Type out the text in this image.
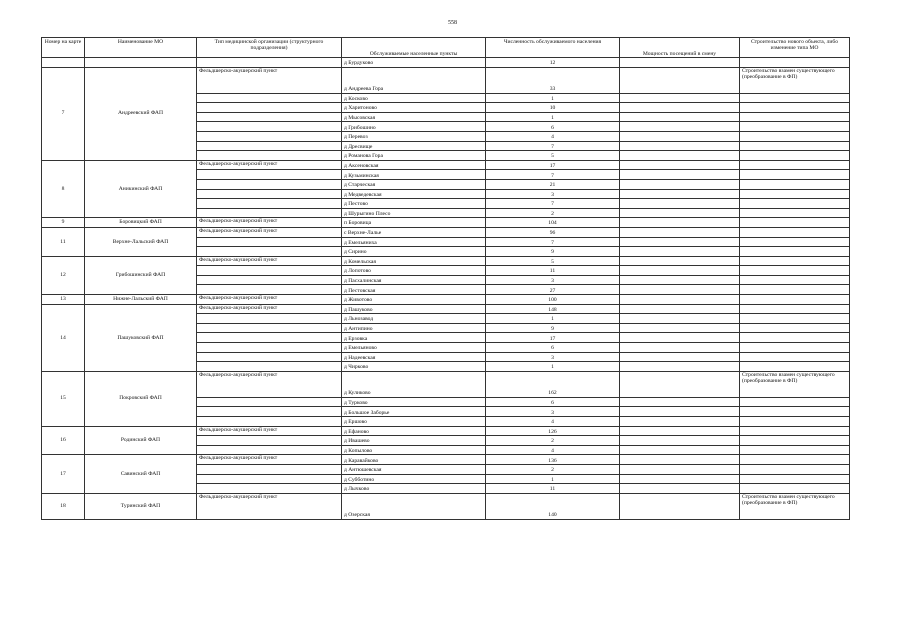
558
Номер на карте	Наименование МО	Тип медицинской организации (структурного подразделения)	Обслуживаемые населенные пункты	Численность обслуживаемого населения	Мощность посещений в смену	Строительство нового объекта, либо изменение типа МО
			д Бурдуково	12		
7	Андреевский ФАП	Фельдшерско-акушерский пункт	д Андреева Гора	33		Строительство взамен существующего (преобразование в ФП)
			д Косково	1		
			д Харитоново	10		
			д Мысовская	1		
			д Грибошино	6		
			д Перевоз	4		
			д Дресвище	7		
			д Романова Гора	5		
8	Аникинский ФАП	Фельдшерско-акушерский пункт	д Аксеновская	17		
			д Кузьминская	7		
			д Старческая	21		
			д Медведевская	3		
			д Пестово	7		
			д Шурыгино Плесо	2		
9	Боровицкий ФАП	Фельдшерско-акушерский пункт	п Боровица	104		
11	Верхне-Лальский ФАП	Фельдшерско-акушерский пункт	с Верхне-Лалье	96		
			д Емельяниха	7		
			д Сирино	9		
12	Грибошинский ФАП	Фельдшерско-акушерский пункт	д Комельская	5		
			д Лопотово	11		
			д Пасхалинская	3		
			д Пестовская	27		
13	Нижне-Лальский ФАП	Фельдшерско-акушерский пункт	д Животово	100		
14	Пашуковский ФАП	Фельдшерско-акушерский пункт	д Пашуково	148		
			д Льнозавод	1		
			д Антипино	9		
			д Ерзовка	17		
			д Емельяново	6		
			д Надеевская	3		
			д Чирково	1		
15	Покровский ФАП	Фельдшерско-акушерский пункт	д Куликово	162		Строительство взамен существующего (преобразование в ФП)
			д Турково	6		
			д Большое Заборье	3		
			д Ершово	4		
16	Родинский ФАП	Фельдшерско-акушерский пункт	д Ефаново	126		
			д Ивашево	2		
			д Копылово	4		
17	Савинский ФАП	Фельдшерско-акушерский пункт	д Каравайково	136		
			д Антюшевская	2		
			д Субботино	1		
			д Лычково	11		
18	Туринский ФАП	Фельдшерско-акушерский пункт	д Озерская	140		Строительство взамен существующего (преобразование в ФП)
